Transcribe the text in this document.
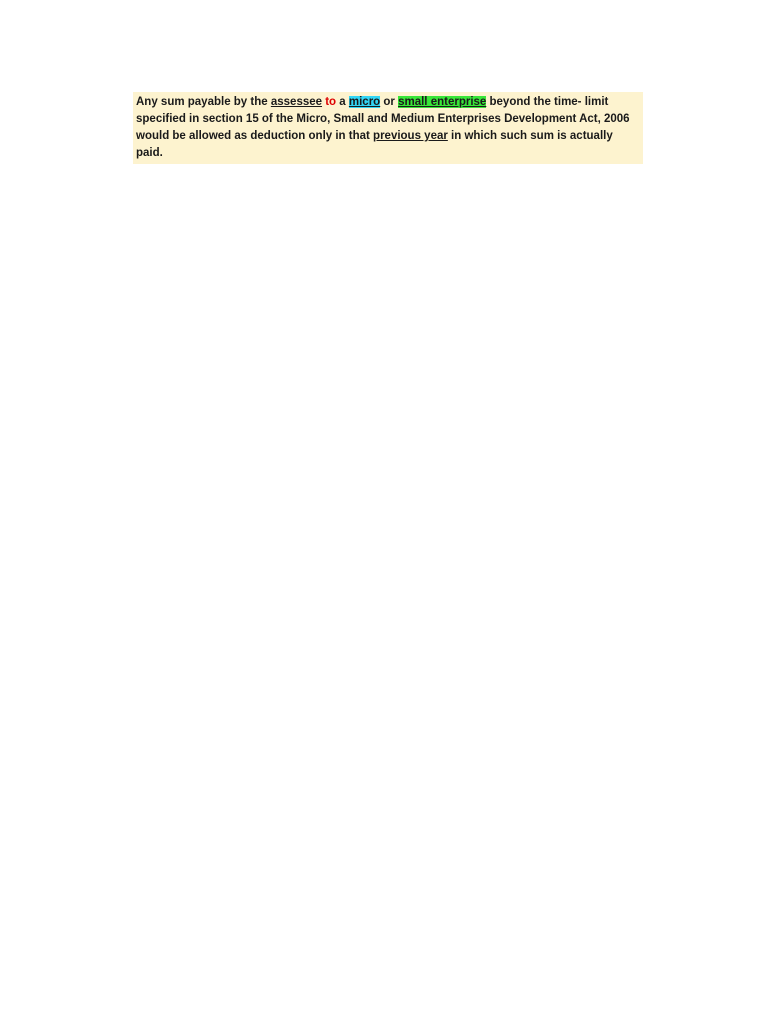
Any sum payable by the assessee to a micro or small enterprise beyond the time- limit specified in section 15 of the Micro, Small and Medium Enterprises Development Act, 2006 would be allowed as deduction only in that previous year in which such sum is actually paid.
